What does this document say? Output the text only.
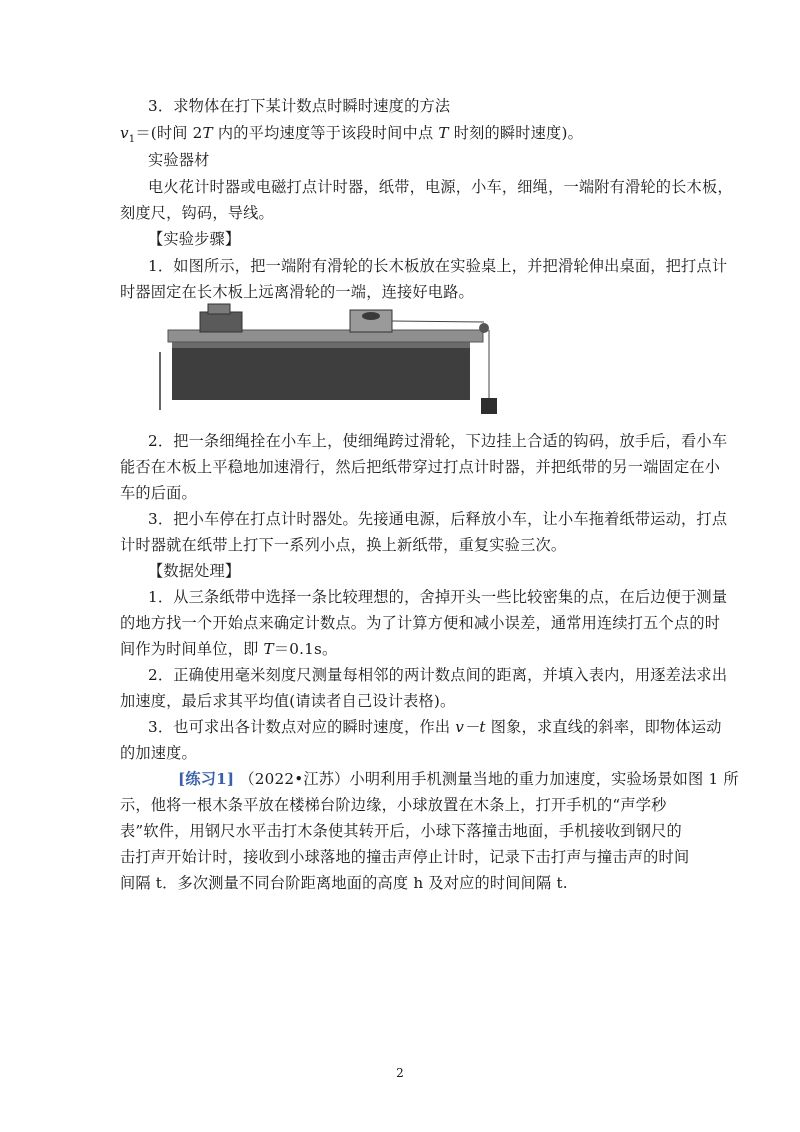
3．求物体在打下某计数点时瞬时速度的方法
$v_1=$(时间 2T 内的平均速度等于该段时间中点 T 时刻的瞬时速度)。
实验器材
电火花计时器或电磁打点计时器，纸带，电源，小车，细绳，一端附有滑轮的长木板，
刻度尺，钩码，导线。
【实验步骤】
1．如图所示，把一端附有滑轮的长木板放在实验桌上，并把滑轮伸出桌面，把打点计
时器固定在长木板上远离滑轮的一端，连接好电路。
2．把一条细绳拴在小车上，使细绳跨过滑轮，下边挂上合适的钩码，放手后，看小车
能否在木板上平稳地加速滑行，然后把纸带穿过打点计时器，并把纸带的另一端固定在小
车的后面。
3．把小车停在打点计时器处。先接通电源，后释放小车，让小车拖着纸带运动，打点
计时器就在纸带上打下一系列小点，换上新纸带，重复实验三次。
【数据处理】
1．从三条纸带中选择一条比较理想的，舍掉开头一些比较密集的点，在后边便于测量
的地方找一个开始点来确定计数点。为了计算方便和减小误差，通常用连续打五个点的时
间作为时间单位，即 T＝0.1s。
2．正确使用毫米刻度尺测量每相邻的两计数点间的距离，并填入表内，用逐差法求出
加速度，最后求其平均值(请读者自己设计表格)。
3．也可求出各计数点对应的瞬时速度，作出 v－t 图象，求直线的斜率，即物体运动
的加速度。
[练习1] （2022•江苏）小明利用手机测量当地的重力加速度，实验场景如图 1 所
示，他将一根木条平放在楼梯台阶边缘，小球放置在木条上，打开手机的“声学秒
表”软件，用钢尺水平击打木条使其转开后，小球下落撞击地面，手机接收到钢尺的
击打声开始计时，接收到小球落地的撞击声停止计时，记录下击打声与撞击声的时间
间隔 t．多次测量不同台阶距离地面的高度 h 及对应的时间间隔 t.
2
